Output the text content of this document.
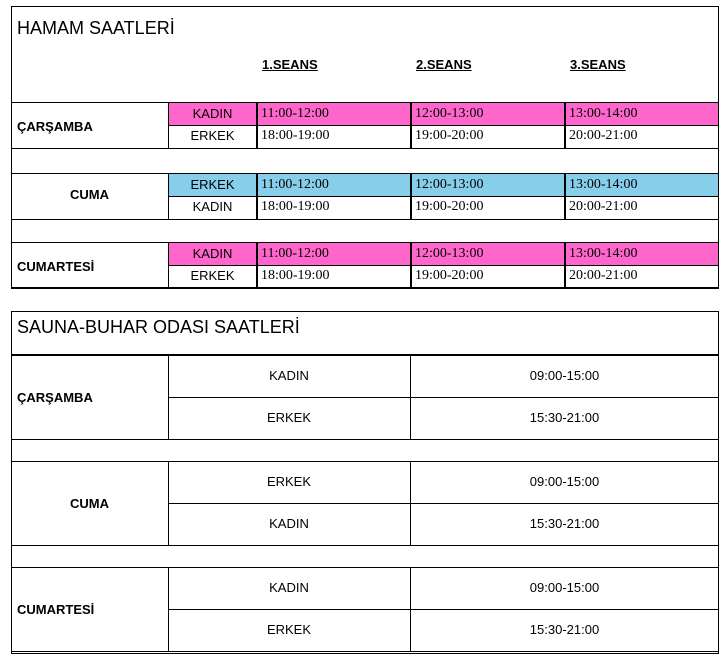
HAMAM SAATLERİ
1.SEANS	2.SEANS	3.SEANS
ÇARŞAMBA
KADIN	11:00-12:00	12:00-13:00	13:00-14:00
ERKEK	18:00-19:00	19:00-20:00	20:00-21:00
CUMA
ERKEK	11:00-12:00	12:00-13:00	13:00-14:00
KADIN	18:00-19:00	19:00-20:00	20:00-21:00
CUMARTESİ
KADIN	11:00-12:00	12:00-13:00	13:00-14:00
ERKEK	18:00-19:00	19:00-20:00	20:00-21:00
SAUNA-BUHAR ODASI SAATLERİ
ÇARŞAMBA
KADIN	09:00-15:00
ERKEK	15:30-21:00
CUMA
ERKEK	09:00-15:00
KADIN	15:30-21:00
CUMARTESİ
KADIN	09:00-15:00
ERKEK	15:30-21:00
